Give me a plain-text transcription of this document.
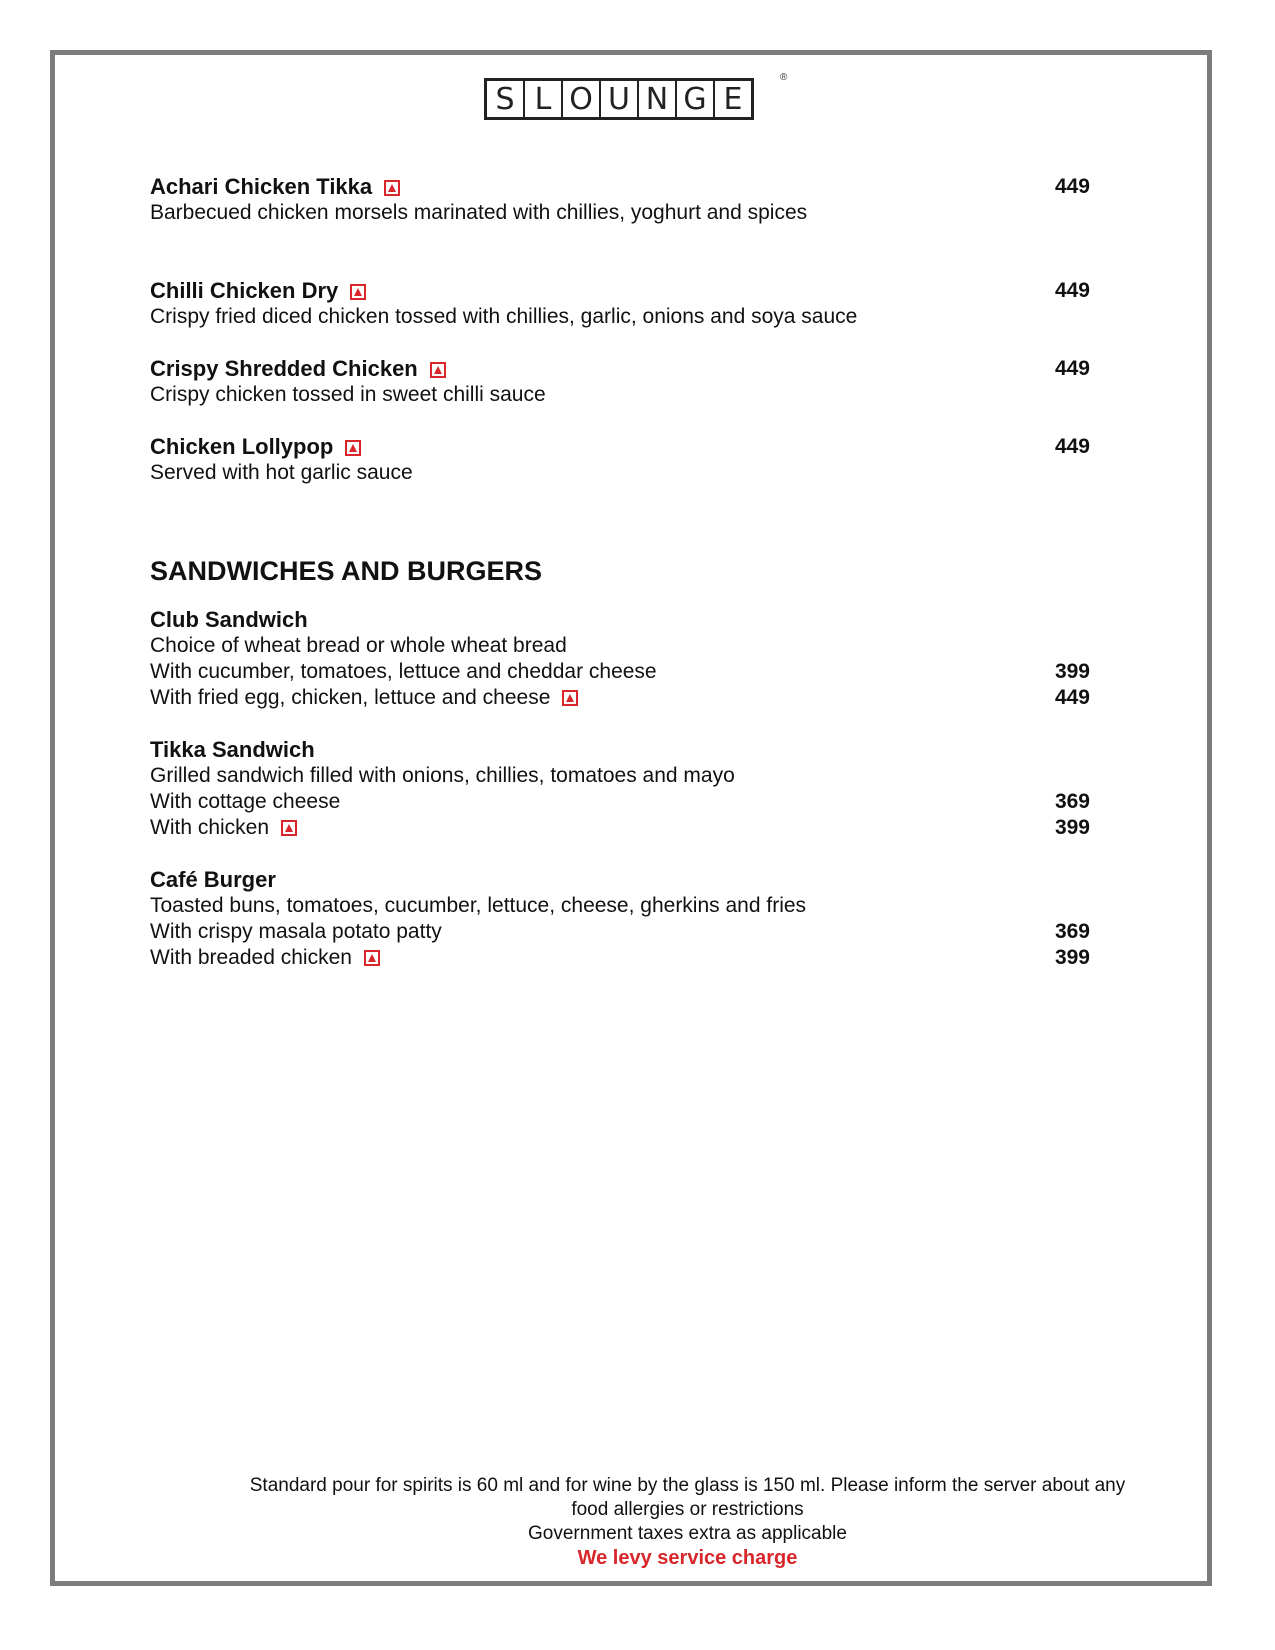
S L O U N G E
®
Achari Chicken Tikka	449
Barbecued chicken morsels marinated with chillies, yoghurt and spices
Chilli Chicken Dry	449
Crispy fried diced chicken tossed with chillies, garlic, onions and soya sauce
Crispy Shredded Chicken	449
Crispy chicken tossed in sweet chilli sauce
Chicken Lollypop	449
Served with hot garlic sauce
SANDWICHES AND BURGERS
Club Sandwich
Choice of wheat bread or whole wheat bread
With cucumber, tomatoes, lettuce and cheddar cheese	399
With fried egg, chicken, lettuce and cheese	449
Tikka Sandwich
Grilled sandwich filled with onions, chillies, tomatoes and mayo
With cottage cheese	369
With chicken	399
Café Burger
Toasted buns, tomatoes, cucumber, lettuce, cheese, gherkins and fries
With crispy masala potato patty	369
With breaded chicken	399
Standard pour for spirits is 60 ml and for wine by the glass is 150 ml. Please inform the server about any
food allergies or restrictions
Government taxes extra as applicable
We levy service charge
